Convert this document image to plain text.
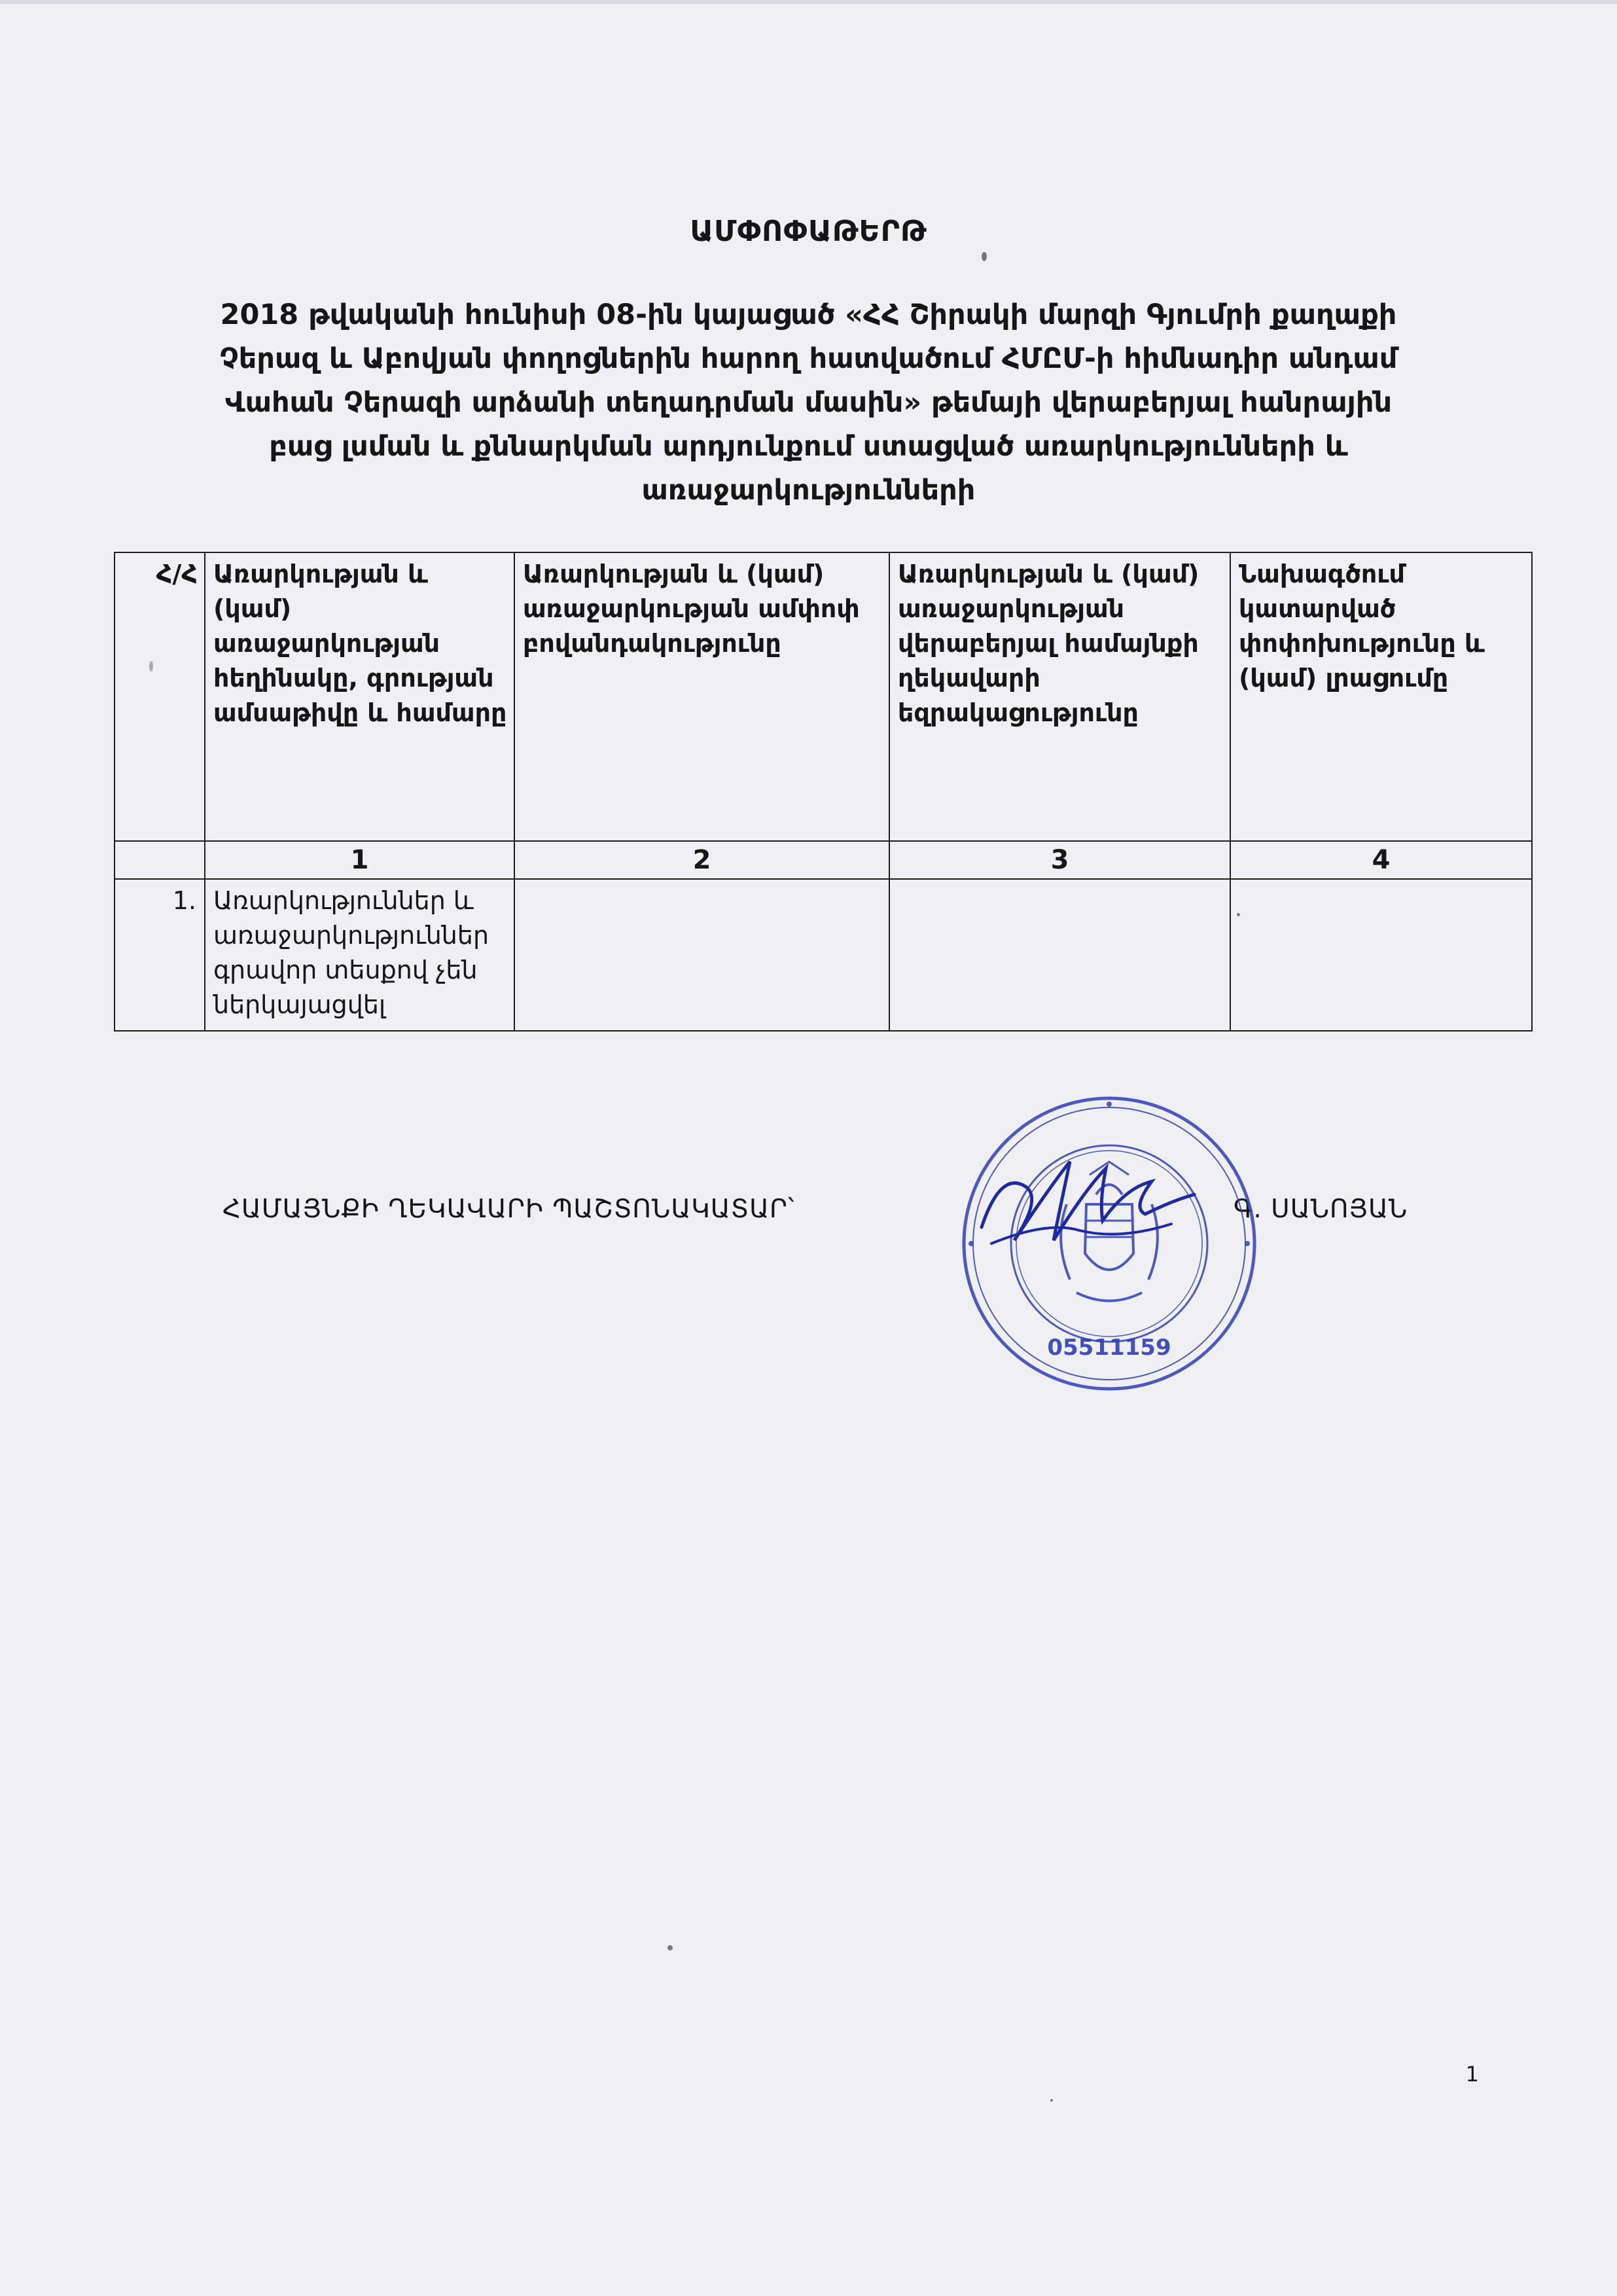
ԱՄՓՈՓԱԹԵՐԹ
2018 թվականի հունիսի 08-ին կայացած «ՀՀ Շիրակի մարզի Գյումրի քաղաքի
Չերազ և Աբովյան փողոցներին հարող հատվածում ՀՄԸՄ-ի հիմնադիր անդամ
Վահան Չերազի արձանի տեղադրման մասին» թեմայի վերաբերյալ հանրային
բաց լսման և քննարկման արդյունքում ստացված առարկությունների և
առաջարկությունների
Հ/Հ	Առարկության և (կամ) առաջարկության հեղինակը, գրության ամսաթիվը և համարը	Առարկության և (կամ) առաջարկության ամփոփ բովանդակությունը	Առարկության և (կամ) առաջարկության վերաբերյալ համայնքի ղեկավարի եզրակացությունը	Նախագծում կատարված փոփոխությունը և (կամ) լրացումը
	1	2	3	4
1.	Առարկություններ և առաջարկություններ գրավոր տեսքով չեն ներկայացվել			
ՀԱՄԱՅՆՔԻ ՂԵԿԱՎԱՐԻ ՊԱՇՏՈՆԱԿԱՏԱՐ՝	Գ. ՍԱՆՈՅԱՆ
05511159
1
